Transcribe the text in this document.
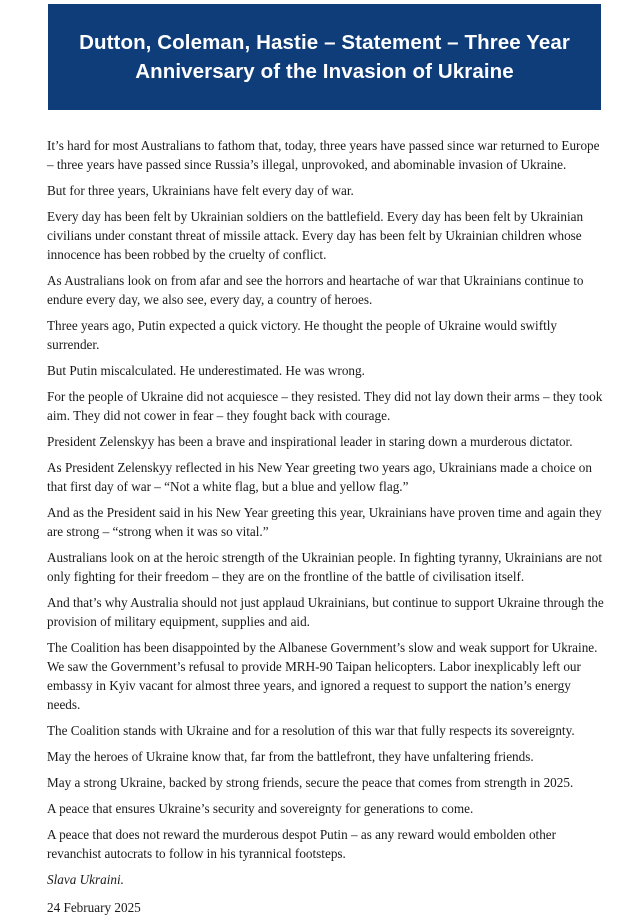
Dutton, Coleman, Hastie – Statement – Three Year Anniversary of the Invasion of Ukraine

It’s hard for most Australians to fathom that, today, three years have passed since war returned to Europe – three years have passed since Russia’s illegal, unprovoked, and abominable invasion of Ukraine.

But for three years, Ukrainians have felt every day of war.

Every day has been felt by Ukrainian soldiers on the battlefield. Every day has been felt by Ukrainian civilians under constant threat of missile attack. Every day has been felt by Ukrainian children whose innocence has been robbed by the cruelty of conflict.

As Australians look on from afar and see the horrors and heartache of war that Ukrainians continue to endure every day, we also see, every day, a country of heroes.

Three years ago, Putin expected a quick victory. He thought the people of Ukraine would swiftly surrender.

But Putin miscalculated. He underestimated. He was wrong.

For the people of Ukraine did not acquiesce – they resisted. They did not lay down their arms – they took aim. They did not cower in fear – they fought back with courage.

President Zelenskyy has been a brave and inspirational leader in staring down a murderous dictator.

As President Zelenskyy reflected in his New Year greeting two years ago, Ukrainians made a choice on that first day of war – “Not a white flag, but a blue and yellow flag.”

And as the President said in his New Year greeting this year, Ukrainians have proven time and again they are strong – “strong when it was so vital.”

Australians look on at the heroic strength of the Ukrainian people. In fighting tyranny, Ukrainians are not only fighting for their freedom – they are on the frontline of the battle of civilisation itself.

And that’s why Australia should not just applaud Ukrainians, but continue to support Ukraine through the provision of military equipment, supplies and aid.

The Coalition has been disappointed by the Albanese Government’s slow and weak support for Ukraine. We saw the Government’s refusal to provide MRH-90 Taipan helicopters. Labor inexplicably left our embassy in Kyiv vacant for almost three years, and ignored a request to support the nation’s energy needs.

The Coalition stands with Ukraine and for a resolution of this war that fully respects its sovereignty.

May the heroes of Ukraine know that, far from the battlefront, they have unfaltering friends.

May a strong Ukraine, backed by strong friends, secure the peace that comes from strength in 2025.

A peace that ensures Ukraine’s security and sovereignty for generations to come.

A peace that does not reward the murderous despot Putin – as any reward would embolden other revanchist autocrats to follow in his tyrannical footsteps.

Slava Ukraini.

24 February 2025
